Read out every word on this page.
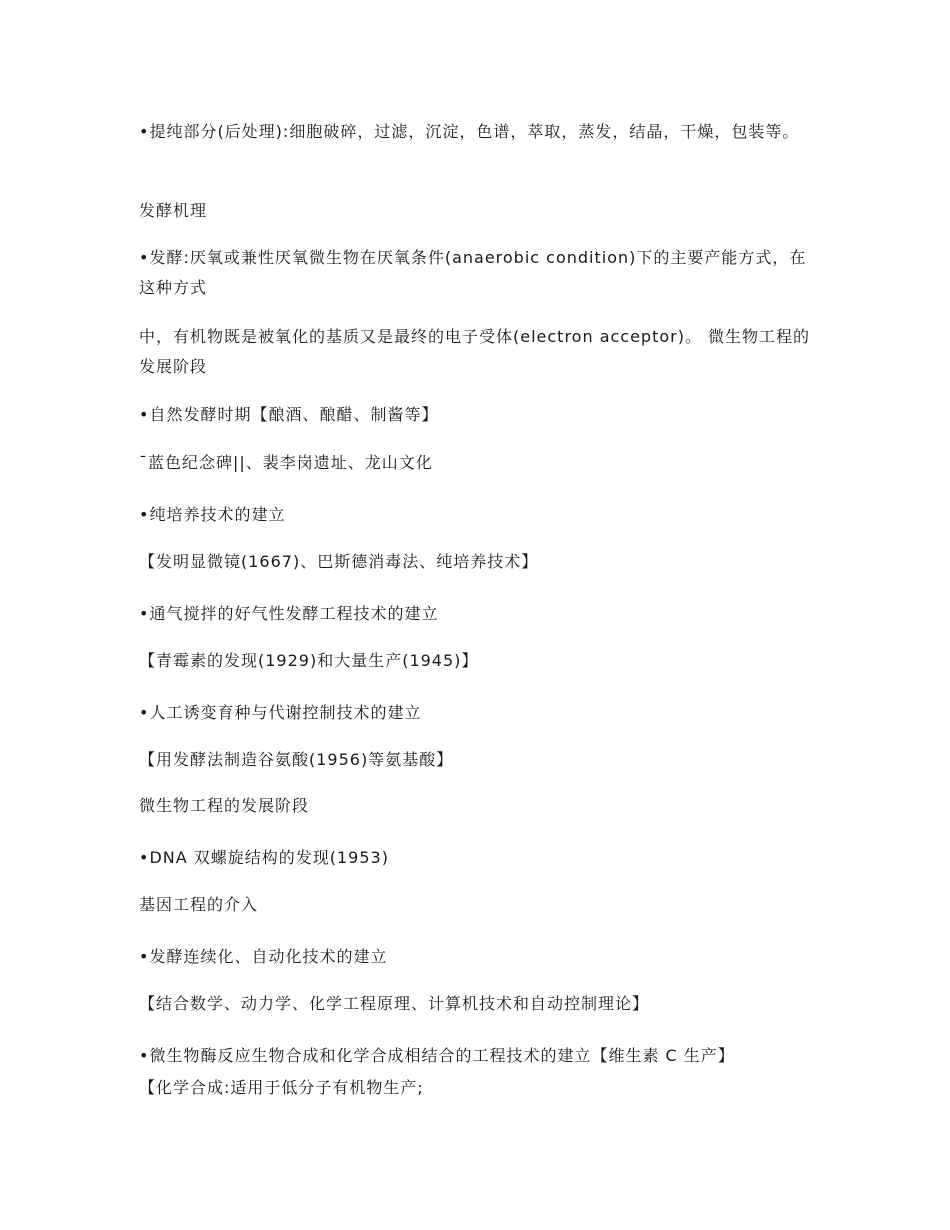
•提纯部分(后处理):细胞破碎，过滤，沉淀，色谱，萃取，蒸发，结晶，干燥，包装等。

发酵机理

•发酵:厌氧或兼性厌氧微生物在厌氧条件(anaerobic condition)下的主要产能方式，在这种方式

中，有机物既是被氧化的基质又是最终的电子受体(electron acceptor)。 微生物工程的发展阶段

•自然发酵时期【酿酒、酿醋、制酱等】

¯蓝色纪念碑||、裴李岗遗址、龙山文化

•纯培养技术的建立

【发明显微镜(1667)、巴斯德消毒法、纯培养技术】

•通气搅拌的好气性发酵工程技术的建立

【青霉素的发现(1929)和大量生产(1945)】

•人工诱变育种与代谢控制技术的建立

【用发酵法制造谷氨酸(1956)等氨基酸】

微生物工程的发展阶段

•DNA 双螺旋结构的发现(1953)

基因工程的介入

•发酵连续化、自动化技术的建立

【结合数学、动力学、化学工程原理、计算机技术和自动控制理论】

•微生物酶反应生物合成和化学合成相结合的工程技术的建立【维生素 C 生产】

【化学合成:适用于低分子有机物生产;
